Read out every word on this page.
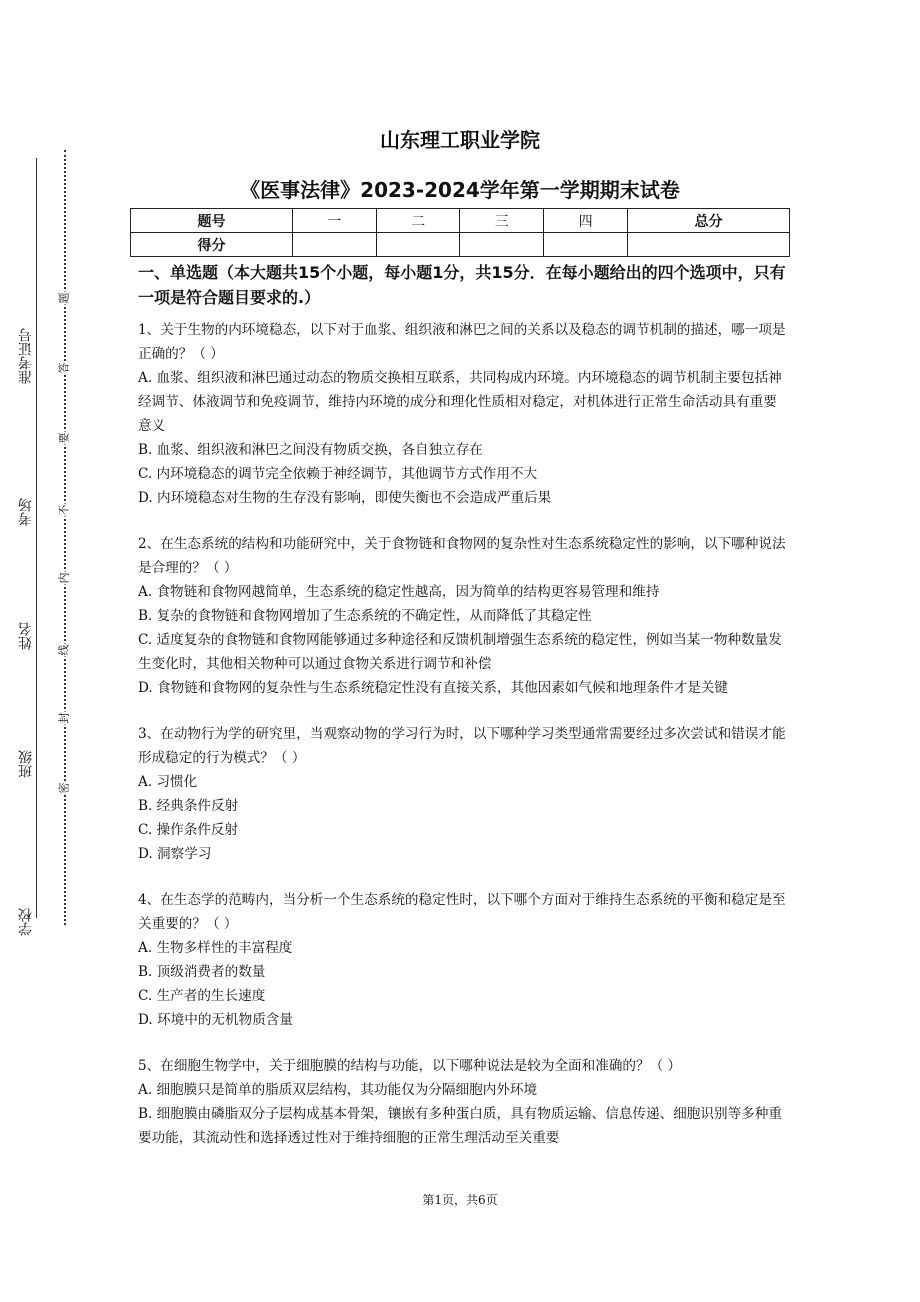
准考证号
考场
姓名
班级
学校
题
答
要
不
内
线
封
密
山东理工职业学院
《医事法律》2023-2024学年第一学期期末试卷
题号	一	二	三	四	总分
得分					
一、单选题（本大题共15个小题，每小题1分，共15分．在每小题给出的四个选项中，只有一项是符合题目要求的.）

1、关于生物的内环境稳态，以下对于血浆、组织液和淋巴之间的关系以及稳态的调节机制的描述，哪一项是正确的？（ ）

A. 血浆、组织液和淋巴通过动态的物质交换相互联系，共同构成内环境。内环境稳态的调节机制主要包括神经调节、体液调节和免疫调节，维持内环境的成分和理化性质相对稳定，对机体进行正常生命活动具有重要意义

B. 血浆、组织液和淋巴之间没有物质交换，各自独立存在

C. 内环境稳态的调节完全依赖于神经调节，其他调节方式作用不大

D. 内环境稳态对生物的生存没有影响，即使失衡也不会造成严重后果

2、在生态系统的结构和功能研究中，关于食物链和食物网的复杂性对生态系统稳定性的影响，以下哪种说法是合理的？（ ）

A. 食物链和食物网越简单，生态系统的稳定性越高，因为简单的结构更容易管理和维持

B. 复杂的食物链和食物网增加了生态系统的不确定性，从而降低了其稳定性

C. 适度复杂的食物链和食物网能够通过多种途径和反馈机制增强生态系统的稳定性，例如当某一物种数量发生变化时，其他相关物种可以通过食物关系进行调节和补偿

D. 食物链和食物网的复杂性与生态系统稳定性没有直接关系，其他因素如气候和地理条件才是关键

3、在动物行为学的研究里，当观察动物的学习行为时，以下哪种学习类型通常需要经过多次尝试和错误才能形成稳定的行为模式？（ ）

A. 习惯化

B. 经典条件反射

C. 操作条件反射

D. 洞察学习

4、在生态学的范畴内，当分析一个生态系统的稳定性时，以下哪个方面对于维持生态系统的平衡和稳定是至关重要的？（ ）

A. 生物多样性的丰富程度

B. 顶级消费者的数量

C. 生产者的生长速度

D. 环境中的无机物质含量

5、在细胞生物学中，关于细胞膜的结构与功能，以下哪种说法是较为全面和准确的？（ ）

A. 细胞膜只是简单的脂质双层结构，其功能仅为分隔细胞内外环境

B. 细胞膜由磷脂双分子层构成基本骨架，镶嵌有多种蛋白质，具有物质运输、信息传递、细胞识别等多种重要功能，其流动性和选择透过性对于维持细胞的正常生理活动至关重要

第1页，共6页
